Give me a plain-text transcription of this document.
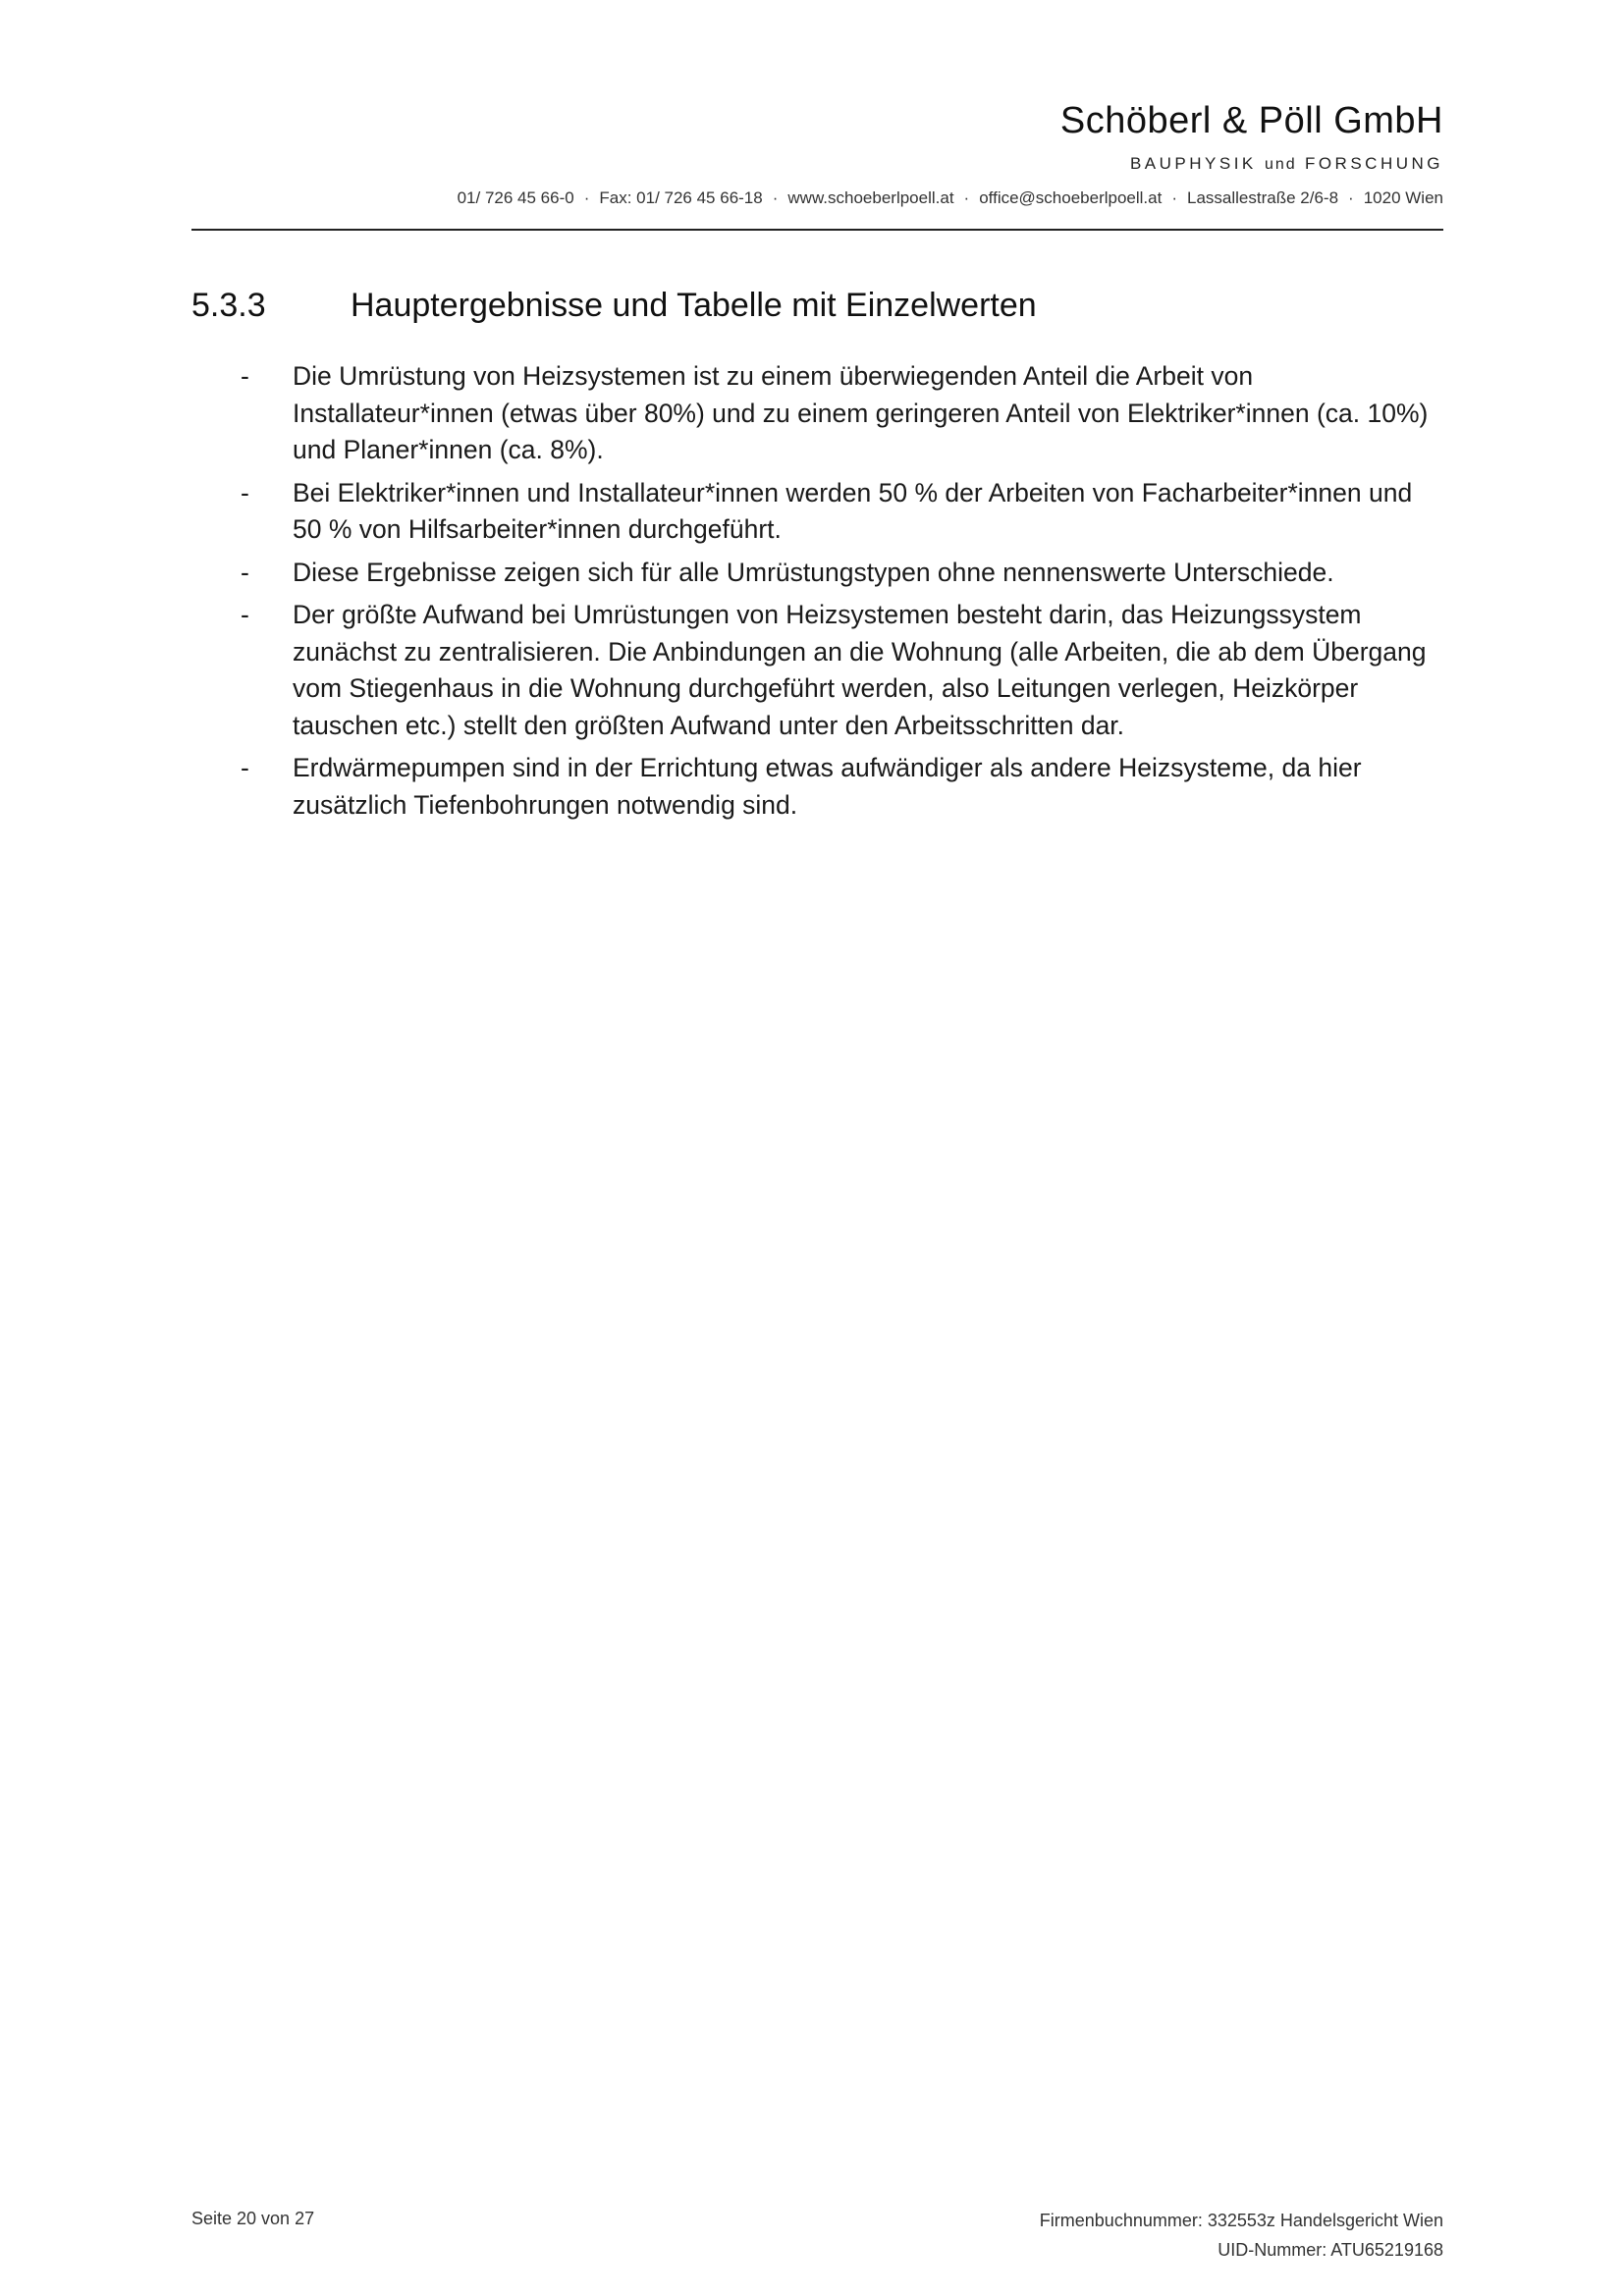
Schöberl & Pöll GmbH
BAUPHYSIK und FORSCHUNG
01/ 726 45 66-0 · Fax: 01/ 726 45 66-18 · www.schoeberlpoell.at · office@schoeberlpoell.at · Lassallestraße 2/6-8 · 1020 Wien
5.3.3	Hauptergebnisse und Tabelle mit Einzelwerten
- Die Umrüstung von Heizsystemen ist zu einem überwiegenden Anteil die Arbeit von Installateur*innen (etwas über 80%) und zu einem geringeren Anteil von Elektriker*innen (ca. 10%) und Planer*innen (ca. 8%).
- Bei Elektriker*innen und Installateur*innen werden 50 % der Arbeiten von Facharbeiter*innen und 50 % von Hilfsarbeiter*innen durchgeführt.
- Diese Ergebnisse zeigen sich für alle Umrüstungstypen ohne nennenswerte Unterschiede.
- Der größte Aufwand bei Umrüstungen von Heizsystemen besteht darin, das Heizungssystem zunächst zu zentralisieren. Die Anbindungen an die Wohnung (alle Arbeiten, die ab dem Übergang vom Stiegenhaus in die Wohnung durchgeführt werden, also Leitungen verlegen, Heizkörper tauschen etc.) stellt den größten Aufwand unter den Arbeitsschritten dar.
- Erdwärmepumpen sind in der Errichtung etwas aufwändiger als andere Heizsysteme, da hier zusätzlich Tiefenbohrungen notwendig sind.
Seite 20 von 27	Firmenbuchnummer: 332553z Handelsgericht Wien
UID-Nummer: ATU65219168
